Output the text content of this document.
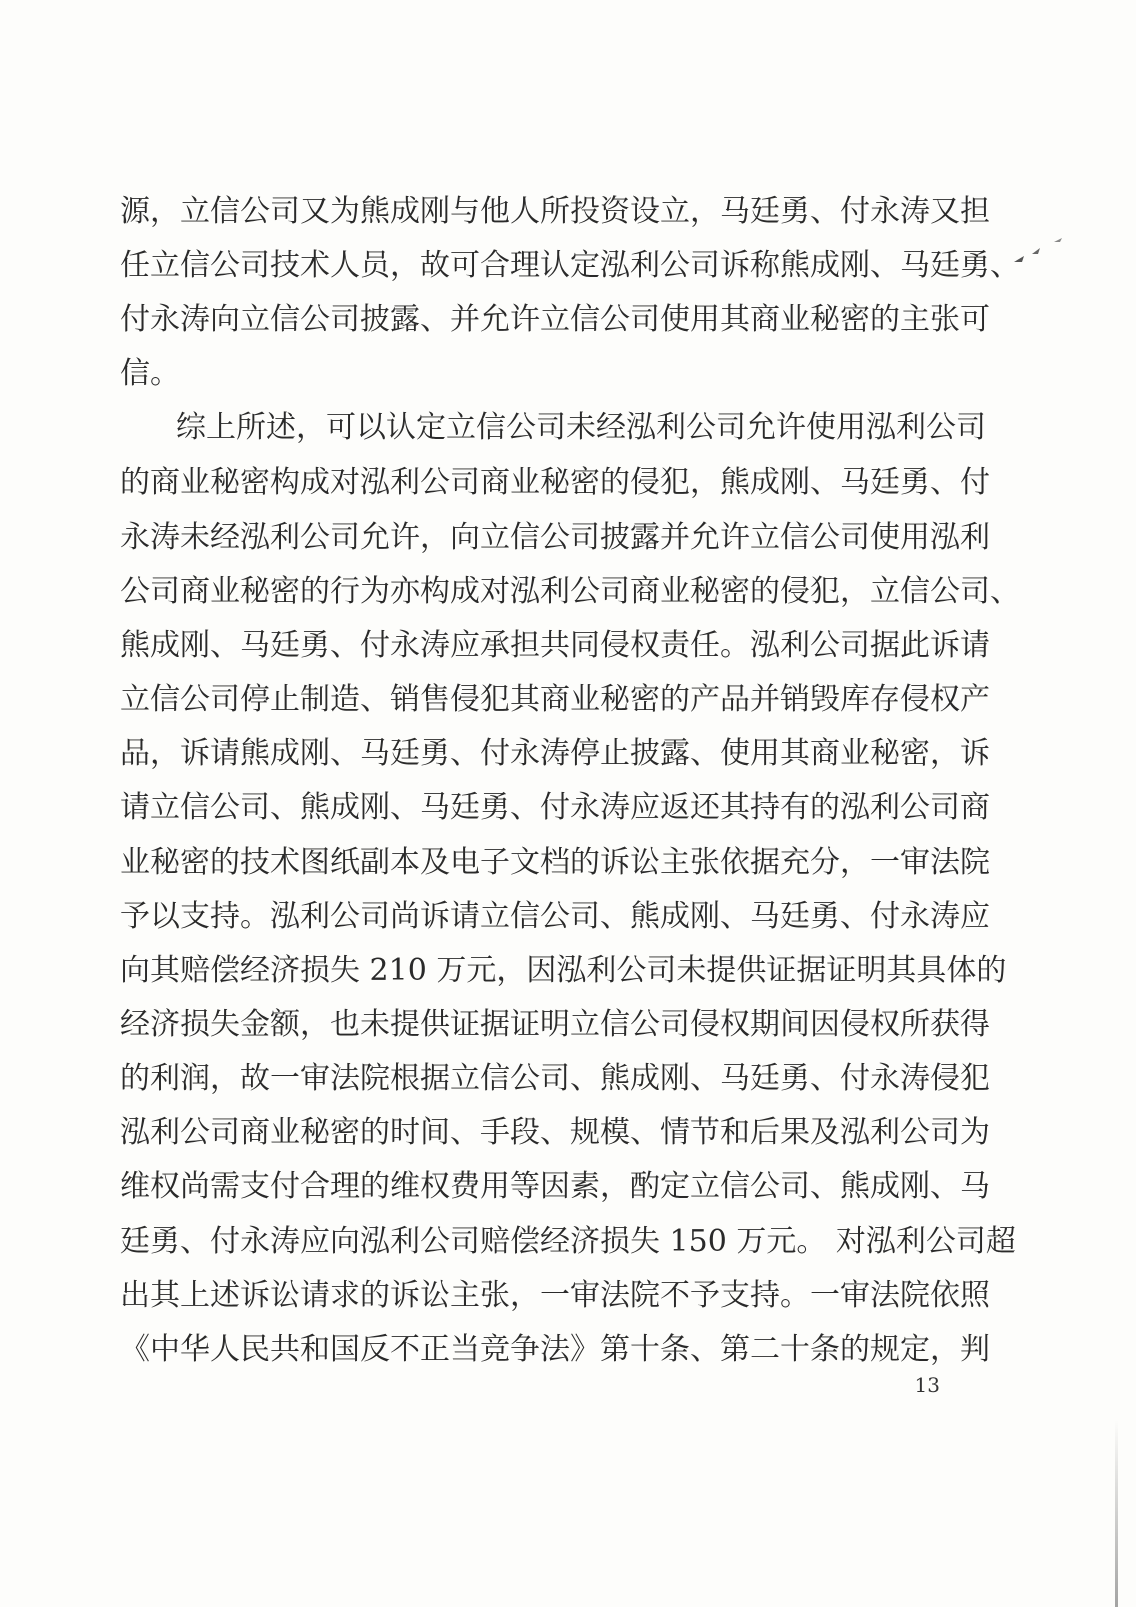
源，立信公司又为熊成刚与他人所投资设立，马廷勇、付永涛又担
任立信公司技术人员，故可合理认定泓利公司诉称熊成刚、马廷勇、
付永涛向立信公司披露、并允许立信公司使用其商业秘密的主张可
信。
综上所述，可以认定立信公司未经泓利公司允许使用泓利公司
的商业秘密构成对泓利公司商业秘密的侵犯，熊成刚、马廷勇、付
永涛未经泓利公司允许，向立信公司披露并允许立信公司使用泓利
公司商业秘密的行为亦构成对泓利公司商业秘密的侵犯，立信公司、
熊成刚、马廷勇、付永涛应承担共同侵权责任。泓利公司据此诉请
立信公司停止制造、销售侵犯其商业秘密的产品并销毁库存侵权产
品，诉请熊成刚、马廷勇、付永涛停止披露、使用其商业秘密，诉
请立信公司、熊成刚、马廷勇、付永涛应返还其持有的泓利公司商
业秘密的技术图纸副本及电子文档的诉讼主张依据充分，一审法院
予以支持。泓利公司尚诉请立信公司、熊成刚、马廷勇、付永涛应
向其赔偿经济损失 210 万元，因泓利公司未提供证据证明其具体的
经济损失金额，也未提供证据证明立信公司侵权期间因侵权所获得
的利润，故一审法院根据立信公司、熊成刚、马廷勇、付永涛侵犯
泓利公司商业秘密的时间、手段、规模、情节和后果及泓利公司为
维权尚需支付合理的维权费用等因素，酌定立信公司、熊成刚、马
廷勇、付永涛应向泓利公司赔偿经济损失 150 万元。 对泓利公司超
出其上述诉讼请求的诉讼主张，一审法院不予支持。一审法院依照
《中华人民共和国反不正当竞争法》第十条、第二十条的规定，判
13
